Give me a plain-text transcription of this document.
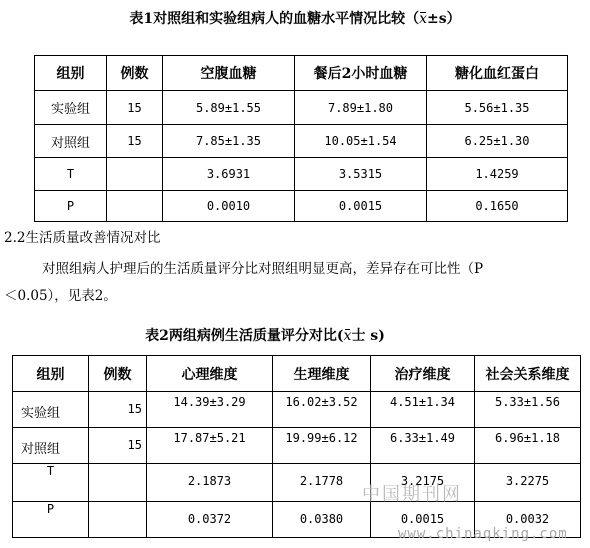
表1对照组和实验组病人的血糖水平情况比较（x±s）
组别	例数	空腹血糖	餐后2小时血糖	糖化血红蛋白
实验组	15	5.89±1.55	7.89±1.80	5.56±1.35
对照组	15	7.85±1.35	10.05±1.54	6.25±1.30
T		3.6931	3.5315	1.4259
P		0.0010	0.0015	0.1650
2.2生活质量改善情况对比
对照组病人护理后的生活质量评分比对照组明显更高，差异存在可比性（P
＜0.05），见表2。
表2两组病例生活质量评分对比(x士 s)
组别	例数	心理维度	生理维度	治疗维度	社会关系维度
实验组	15	14.39±3.29	16.02±3.52	4.51±1.34	5.33±1.56
对照组	15	17.87±5.21	19.99±6.12	6.33±1.49	6.96±1.18
T		2.1873	2.1778	3.2175	3.2275
P		0.0372	0.0380	0.0015	0.0032
中国期刊网
www.chinaqking.com
